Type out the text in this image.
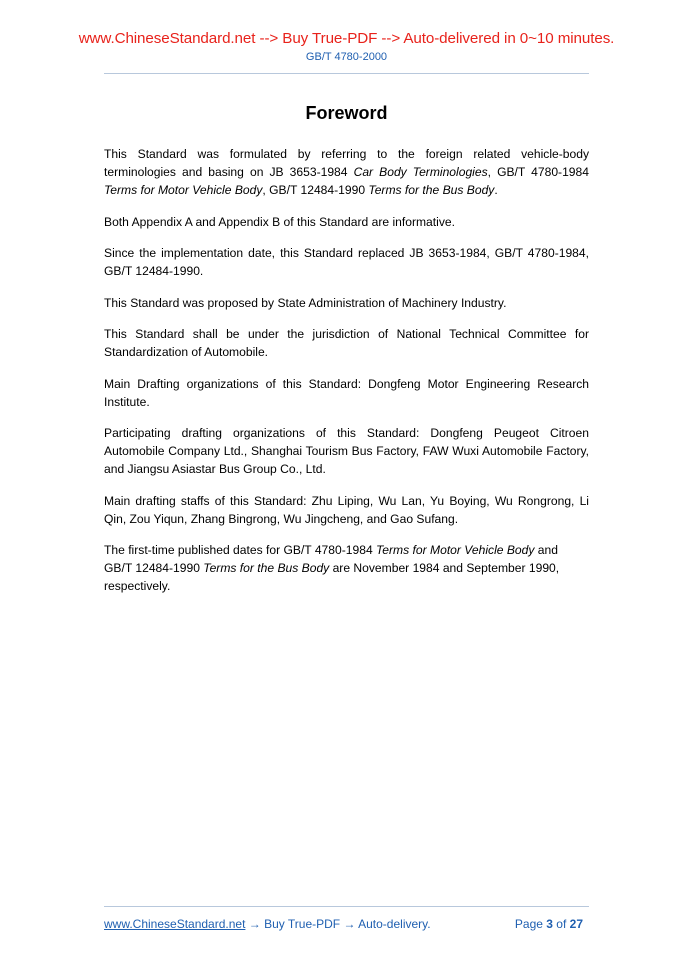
www.ChineseStandard.net --> Buy True-PDF --> Auto-delivered in 0~10 minutes.
GB/T 4780-2000
Foreword

This Standard was formulated by referring to the foreign related vehicle-body terminologies and basing on JB 3653-1984 Car Body Terminologies, GB/T 4780-1984 Terms for Motor Vehicle Body, GB/T 12484-1990 Terms for the Bus Body.

Both Appendix A and Appendix B of this Standard are informative.

Since the implementation date, this Standard replaced JB 3653-1984, GB/T 4780-1984, GB/T 12484-1990.

This Standard was proposed by State Administration of Machinery Industry.

This Standard shall be under the jurisdiction of National Technical Committee for Standardization of Automobile.

Main Drafting organizations of this Standard: Dongfeng Motor Engineering Research Institute.

Participating drafting organizations of this Standard: Dongfeng Peugeot Citroen Automobile Company Ltd., Shanghai Tourism Bus Factory, FAW Wuxi Automobile Factory, and Jiangsu Asiastar Bus Group Co., Ltd.

Main drafting staffs of this Standard: Zhu Liping, Wu Lan, Yu Boying, Wu Rongrong, Li Qin, Zou Yiqun, Zhang Bingrong, Wu Jingcheng, and Gao Sufang.

The first-time published dates for GB/T 4780-1984 Terms for Motor Vehicle Body and GB/T 12484-1990 Terms for the Bus Body are November 1984 and September 1990, respectively.

www.ChineseStandard.net → Buy True-PDF → Auto-delivery.	Page 3 of 27
